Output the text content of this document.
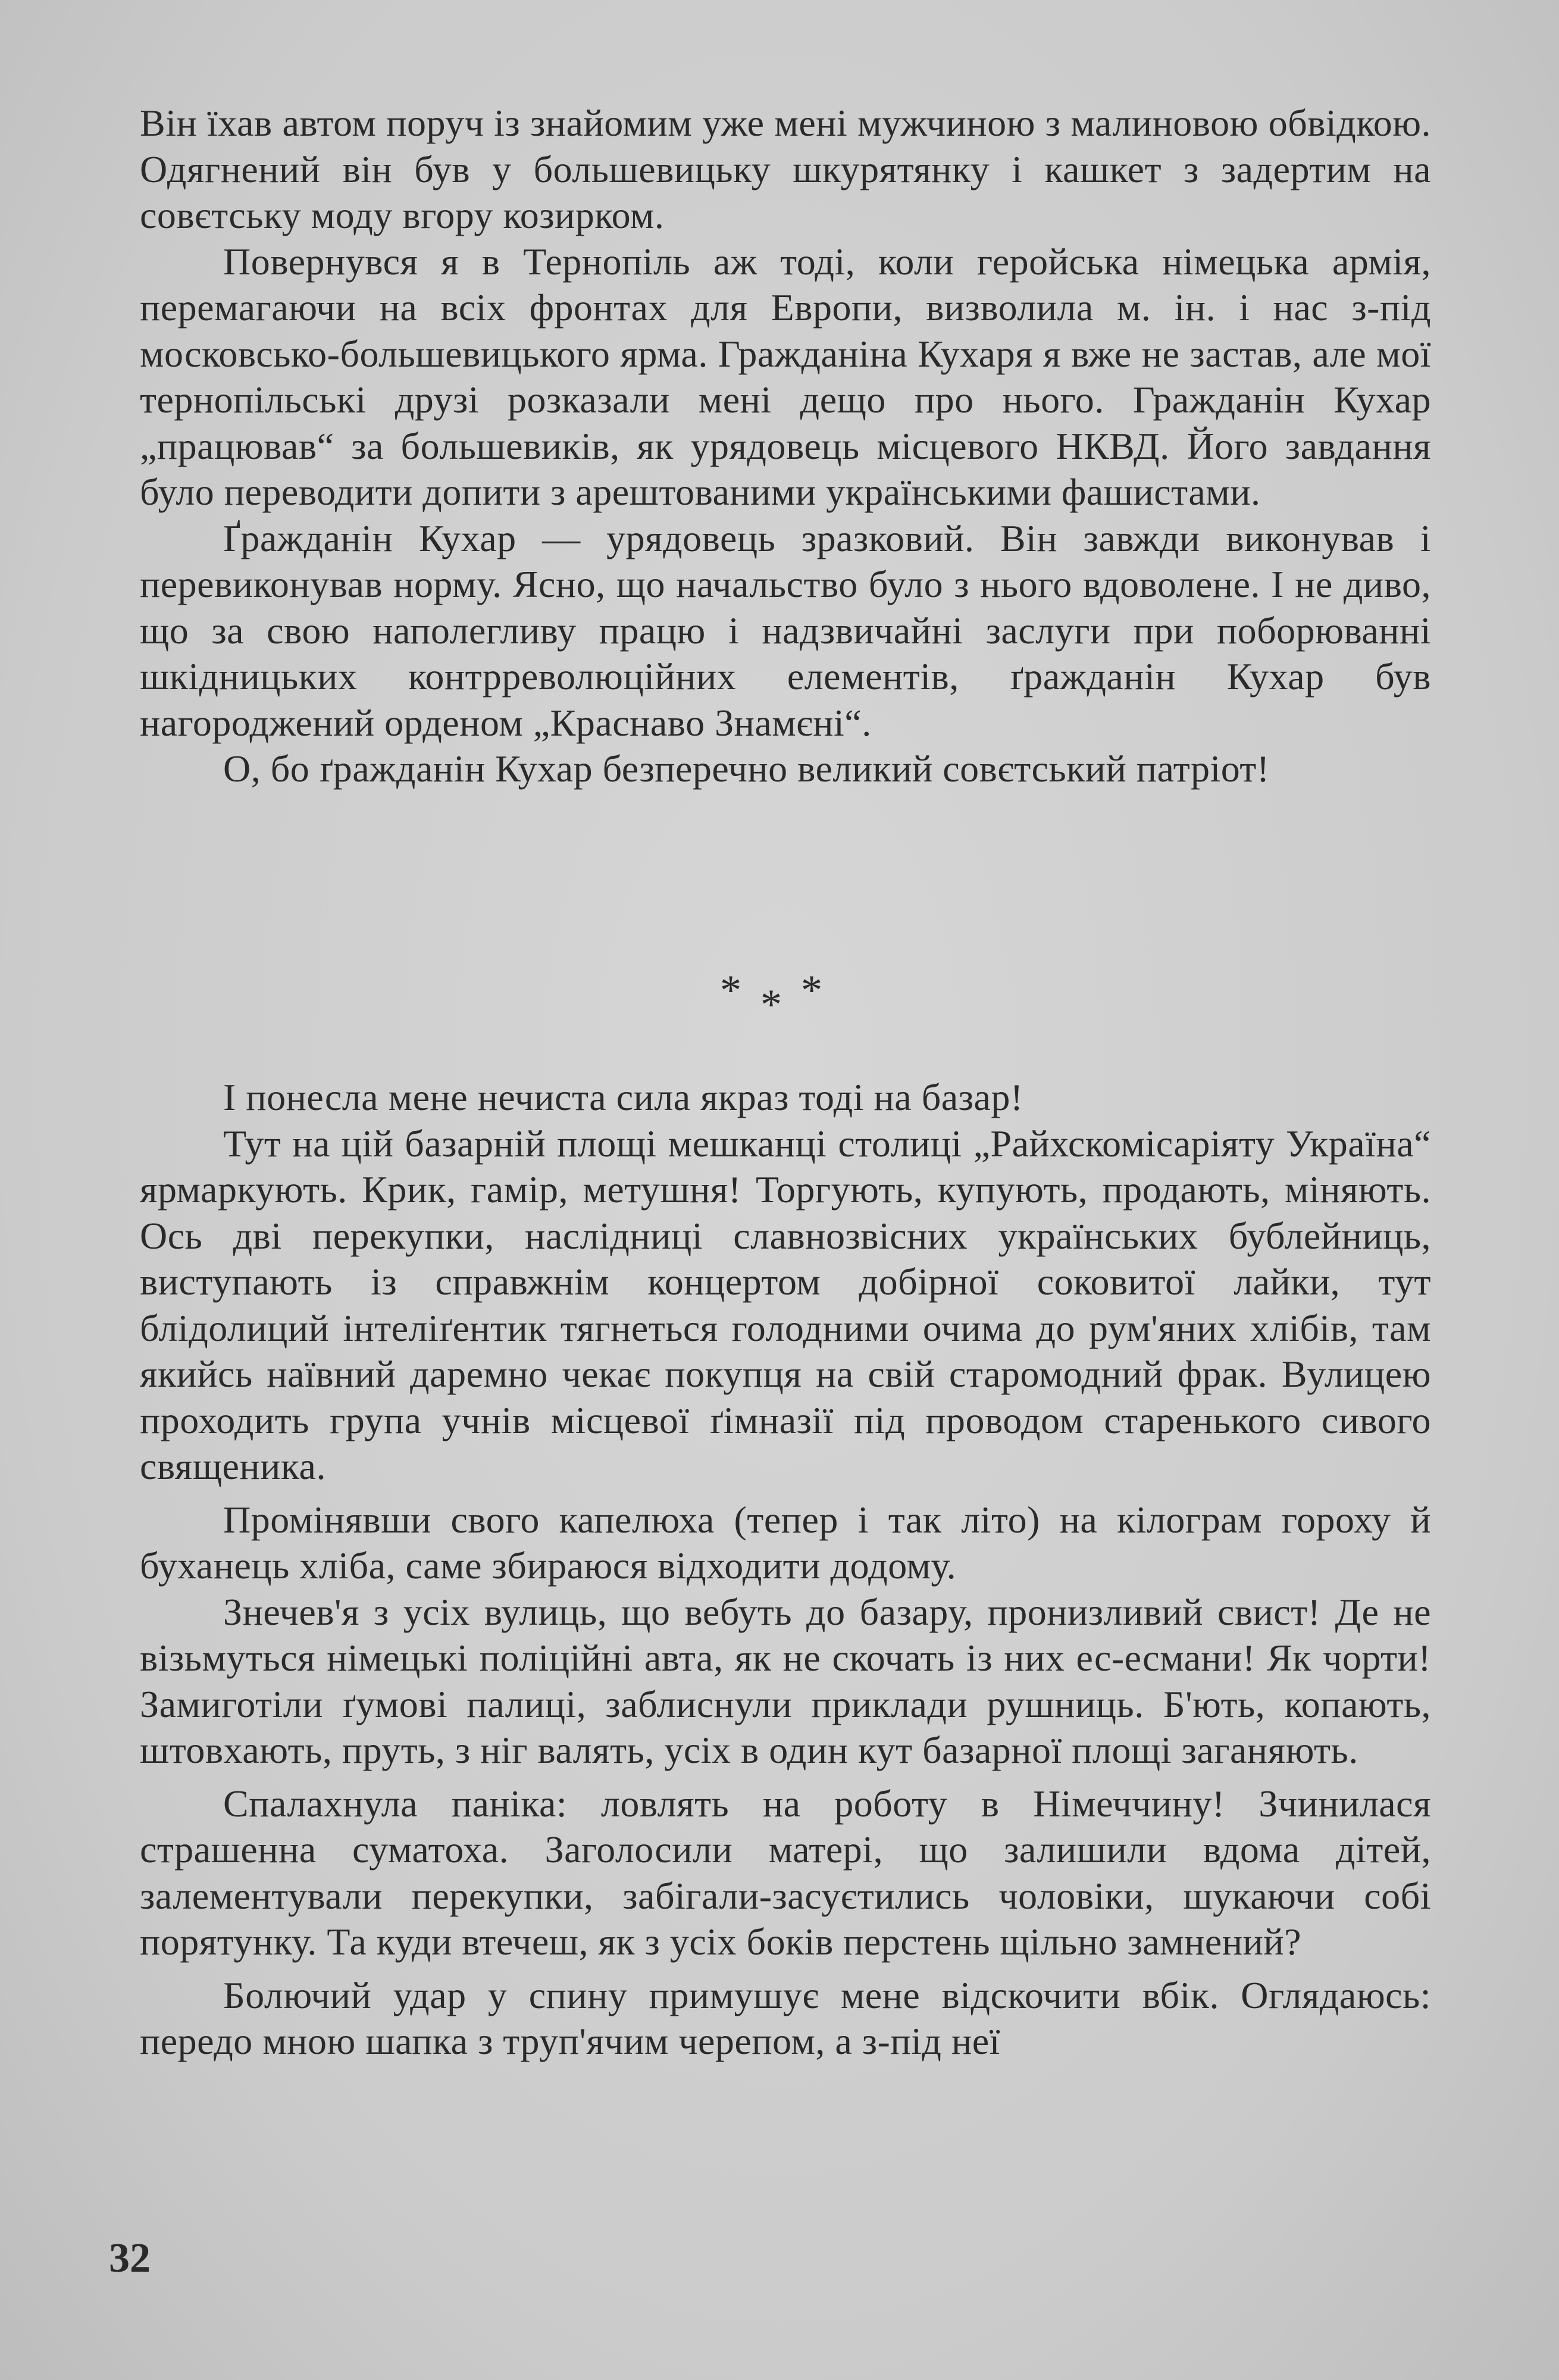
Він їхав автом поруч із знайомим уже мені мужчиною з малиновою обвідкою. Одягнений він був у большевицьку шкурятянку і кашкет з задертим на совєтську моду вгору козирком.

Повернувся я в Тернопіль аж тоді, коли геройська німецька армія, перемагаючи на всіх фронтах для Европи, визволила м. ін. і нас з-під московсько-большевицького ярма. Гражданіна Кухаря я вже не застав, але мої тернопільські друзі розказали мені дещо про нього. Гражданін Кухар „працював“ за большевиків, як урядовець місцевого НКВД. Його завдання було переводити допити з арештованими українськими фашистами.

Ґражданін Кухар — урядовець зразковий. Він завжди виконував і перевиконував норму. Ясно, що начальство було з нього вдоволене. І не диво, що за свою наполегливу працю і надзвичайні заслуги при поборюванні шкідницьких контрреволюційних елементів, ґражданін Кухар був нагороджений орденом „Краснаво Знамєні“.

О, бо ґражданін Кухар безперечно великий совєтський патріот!

* * *

І понесла мене нечиста сила якраз тоді на базар!

Тут на цій базарній площі мешканці столиці „Райхскомісаріяту Україна“ ярмаркують. Крик, гамір, метушня! Торгують, купують, продають, міняють. Ось дві перекупки, наслідниці славнозвісних українських бублейниць, виступають із справжнім концертом добірної соковитої лайки, тут блідолиций інтеліґентик тягнеться голодними очима до рум'яних хлібів, там якийсь наївний даремно чекає покупця на свій старомодний фрак. Вулицею проходить група учнів місцевої ґімназії під проводом старенького сивого священика.

Промінявши свого капелюха (тепер і так літо) на кілограм гороху й буханець хліба, саме збираюся відходити додому.

Знечев'я з усіх вулиць, що вебуть до базару, пронизливий свист! Де не візьмуться німецькі поліційні авта, як не скочать із них ес-есмани! Як чорти! Замиготіли ґумові палиці, заблиснули приклади рушниць. Б'ють, копають, штовхають, пруть, з ніг валять, усіх в один кут базарної площі заганяють.

Спалахнула паніка: ловлять на роботу в Німеччину! Зчинилася страшенна суматоха. Заголосили матері, що залишили вдома дітей, залементували перекупки, забігали-засуєтились чоловіки, шукаючи собі порятунку. Та куди втечеш, як з усіх боків перстень щільно замнений?

Болючий удар у спину примушує мене відскочити вбік. Оглядаюсь: передо мною шапка з труп'ячим черепом, а з-під неї

32
